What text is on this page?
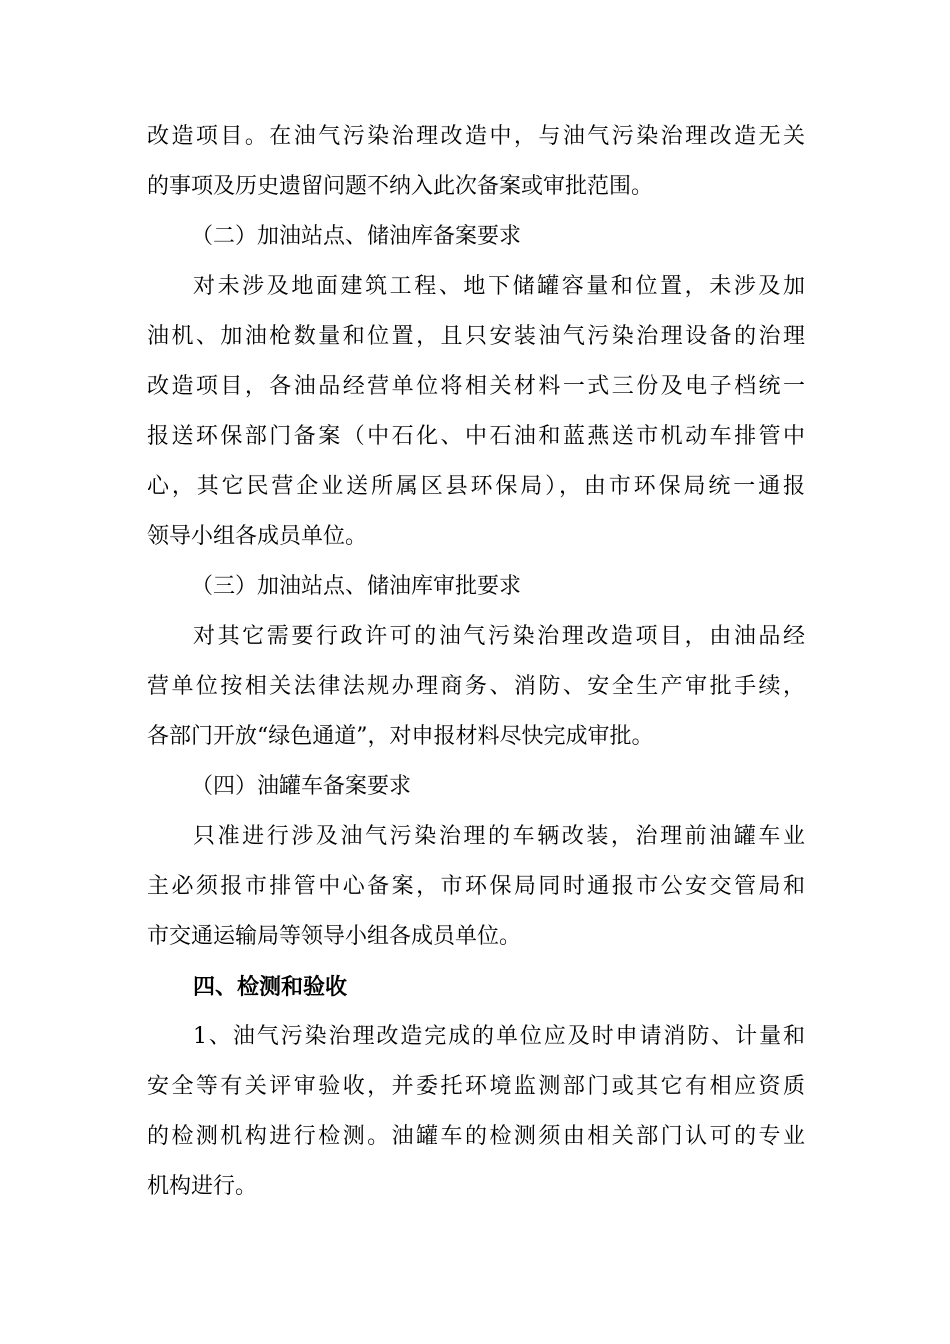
改造项目。在油气污染治理改造中，与油气污染治理改造无关
的事项及历史遗留问题不纳入此次备案或审批范围。
（二）加油站点、储油库备案要求
对未涉及地面建筑工程、地下储罐容量和位置，未涉及加
油机、加油枪数量和位置，且只安装油气污染治理设备的治理
改造项目，各油品经营单位将相关材料一式三份及电子档统一
报送环保部门备案（中石化、中石油和蓝燕送市机动车排管中
心，其它民营企业送所属区县环保局），由市环保局统一通报
领导小组各成员单位。
（三）加油站点、储油库审批要求
对其它需要行政许可的油气污染治理改造项目，由油品经
营单位按相关法律法规办理商务、消防、安全生产审批手续，
各部门开放“绿色通道”，对申报材料尽快完成审批。
（四）油罐车备案要求
只准进行涉及油气污染治理的车辆改装，治理前油罐车业
主必须报市排管中心备案，市环保局同时通报市公安交管局和
市交通运输局等领导小组各成员单位。
四、检测和验收
1、油气污染治理改造完成的单位应及时申请消防、计量和
安全等有关评审验收，并委托环境监测部门或其它有相应资质
的检测机构进行检测。油罐车的检测须由相关部门认可的专业
机构进行。
